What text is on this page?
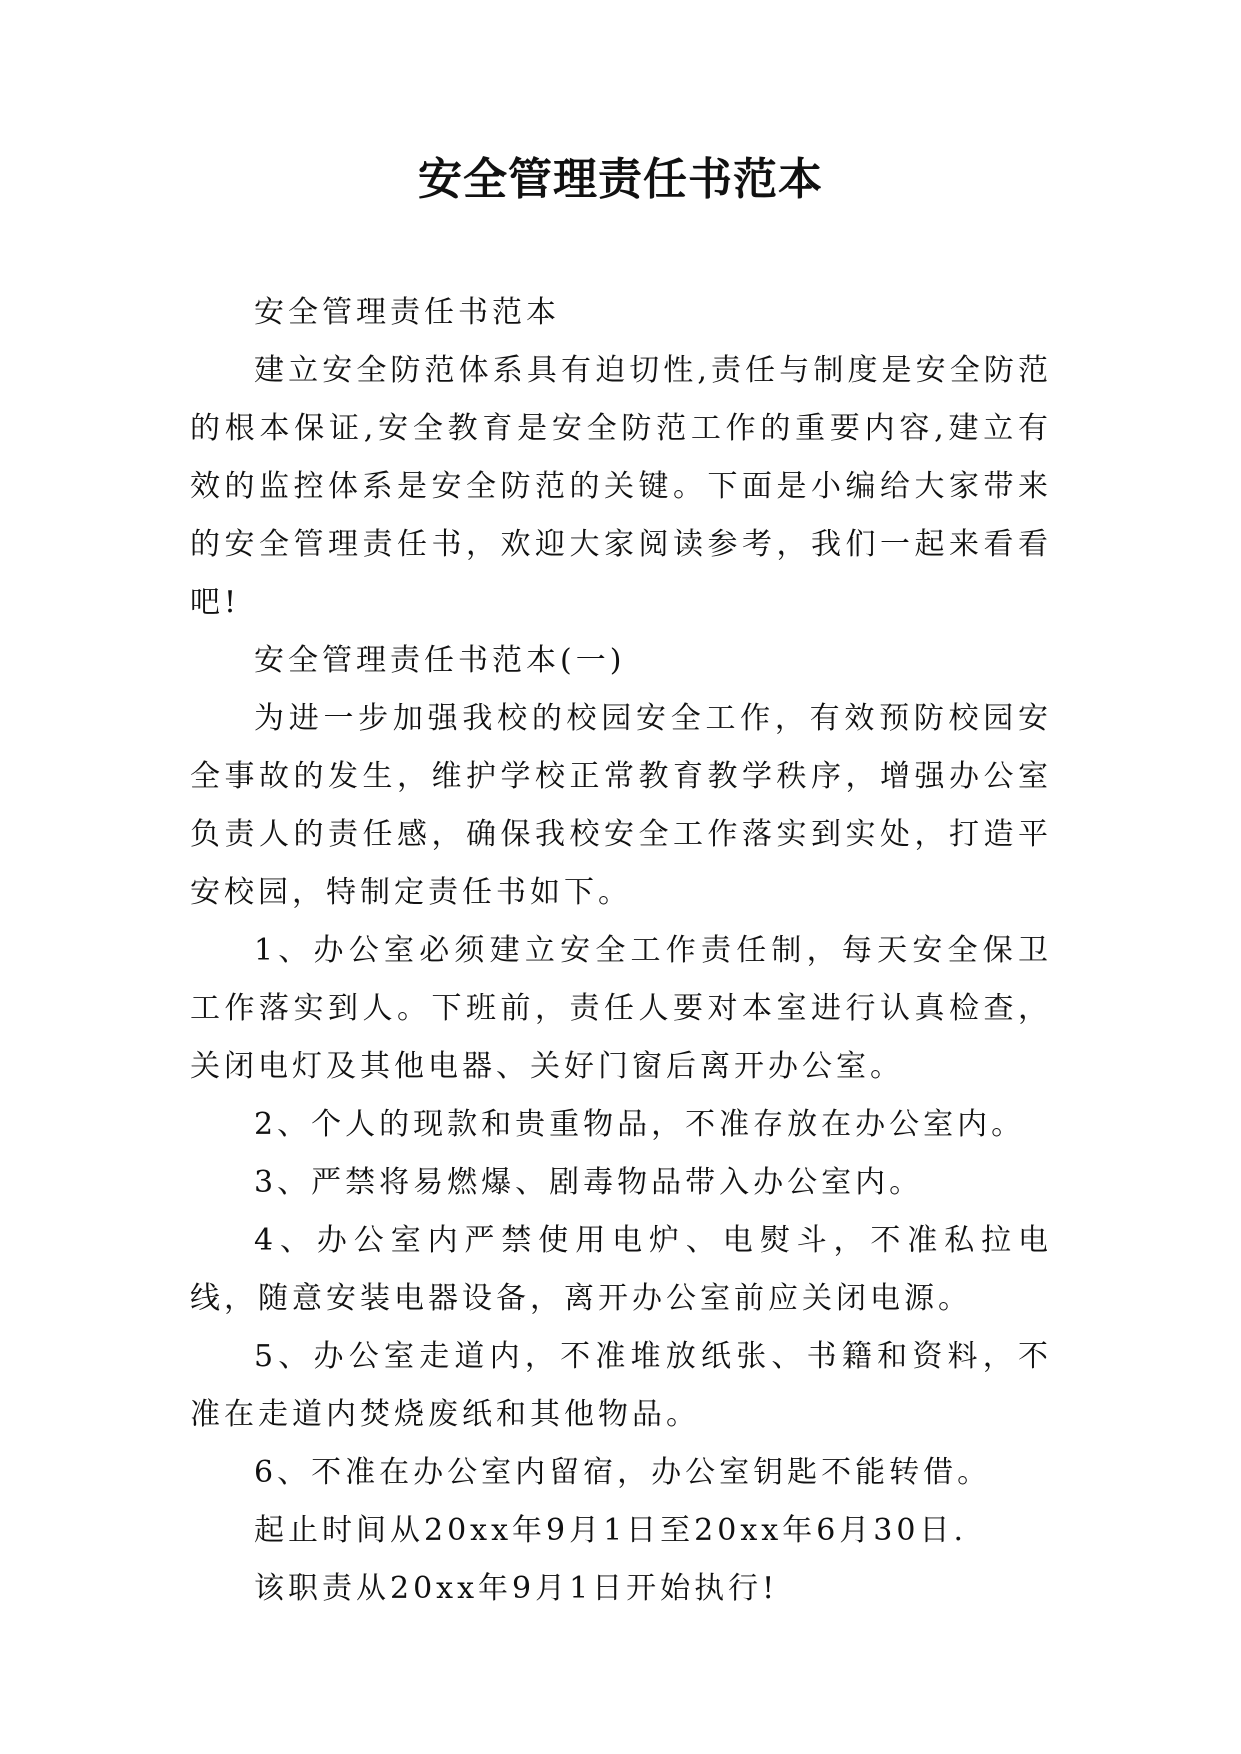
安全管理责任书范本

安全管理责任书范本

建立安全防范体系具有迫切性,责任与制度是安全防范的根本保证,安全教育是安全防范工作的重要内容,建立有效的监控体系是安全防范的关键。下面是小编给大家带来的安全管理责任书，欢迎大家阅读参考，我们一起来看看吧!

安全管理责任书范本(一)

为进一步加强我校的校园安全工作，有效预防校园安全事故的发生，维护学校正常教育教学秩序，增强办公室负责人的责任感，确保我校安全工作落实到实处，打造平安校园，特制定责任书如下。

1、办公室必须建立安全工作责任制，每天安全保卫工作落实到人。下班前，责任人要对本室进行认真检查，关闭电灯及其他电器、关好门窗后离开办公室。

2、个人的现款和贵重物品，不准存放在办公室内。

3、严禁将易燃爆、剧毒物品带入办公室内。

4、办公室内严禁使用电炉、电熨斗，不准私拉电线，随意安装电器设备，离开办公室前应关闭电源。

5、办公室走道内，不准堆放纸张、书籍和资料，不准在走道内焚烧废纸和其他物品。

6、不准在办公室内留宿，办公室钥匙不能转借。

起止时间从20xx年9月1日至20xx年6月30日.

该职责从20xx年9月1日开始执行!
